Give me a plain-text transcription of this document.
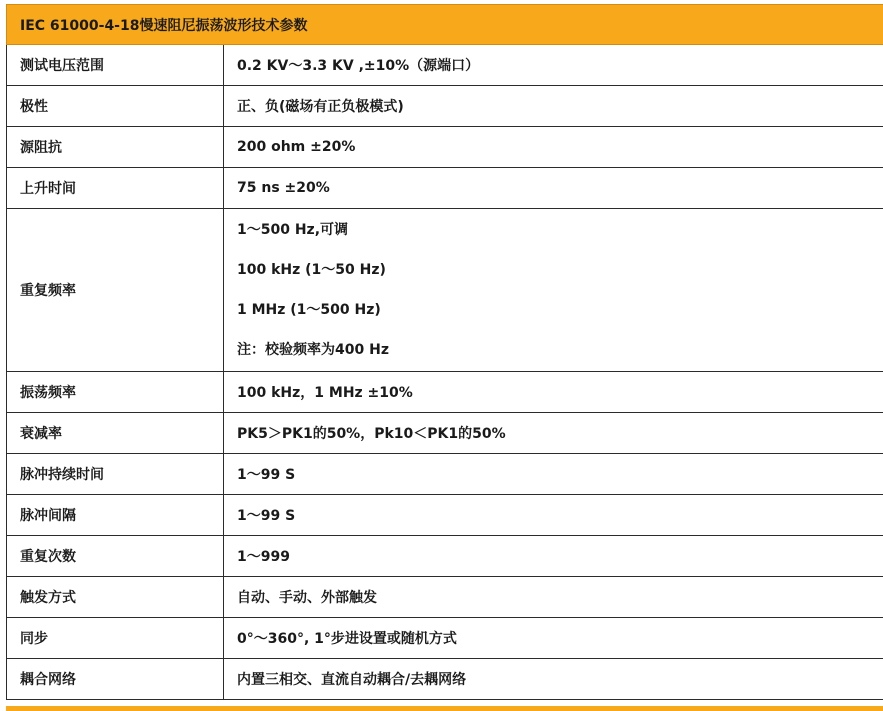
IEC 61000-4-18慢速阻尼振荡波形技术参数	
测试电压范围	0.2 KV～3.3 KV ,±10%（源端口）
极性	正、负(磁场有正负极模式)
源阻抗	200 ohm ±20%
上升时间	75 ns ±20%
重复频率	1～500 Hz,可调
100 kHz (1～50 Hz)
1 MHz (1～500 Hz)
注：校验频率为400 Hz

振荡频率	100 kHz，1 MHz ±10%
衰减率	PK5＞PK1的50%，Pk10＜PK1的50%
脉冲持续时间	1～99 S
脉冲间隔	1～99 S
重复次数	1～999
触发方式	自动、手动、外部触发
同步	0°～360°, 1°步进设置或随机方式
耦合网络	内置三相交、直流自动耦合/去耦网络
